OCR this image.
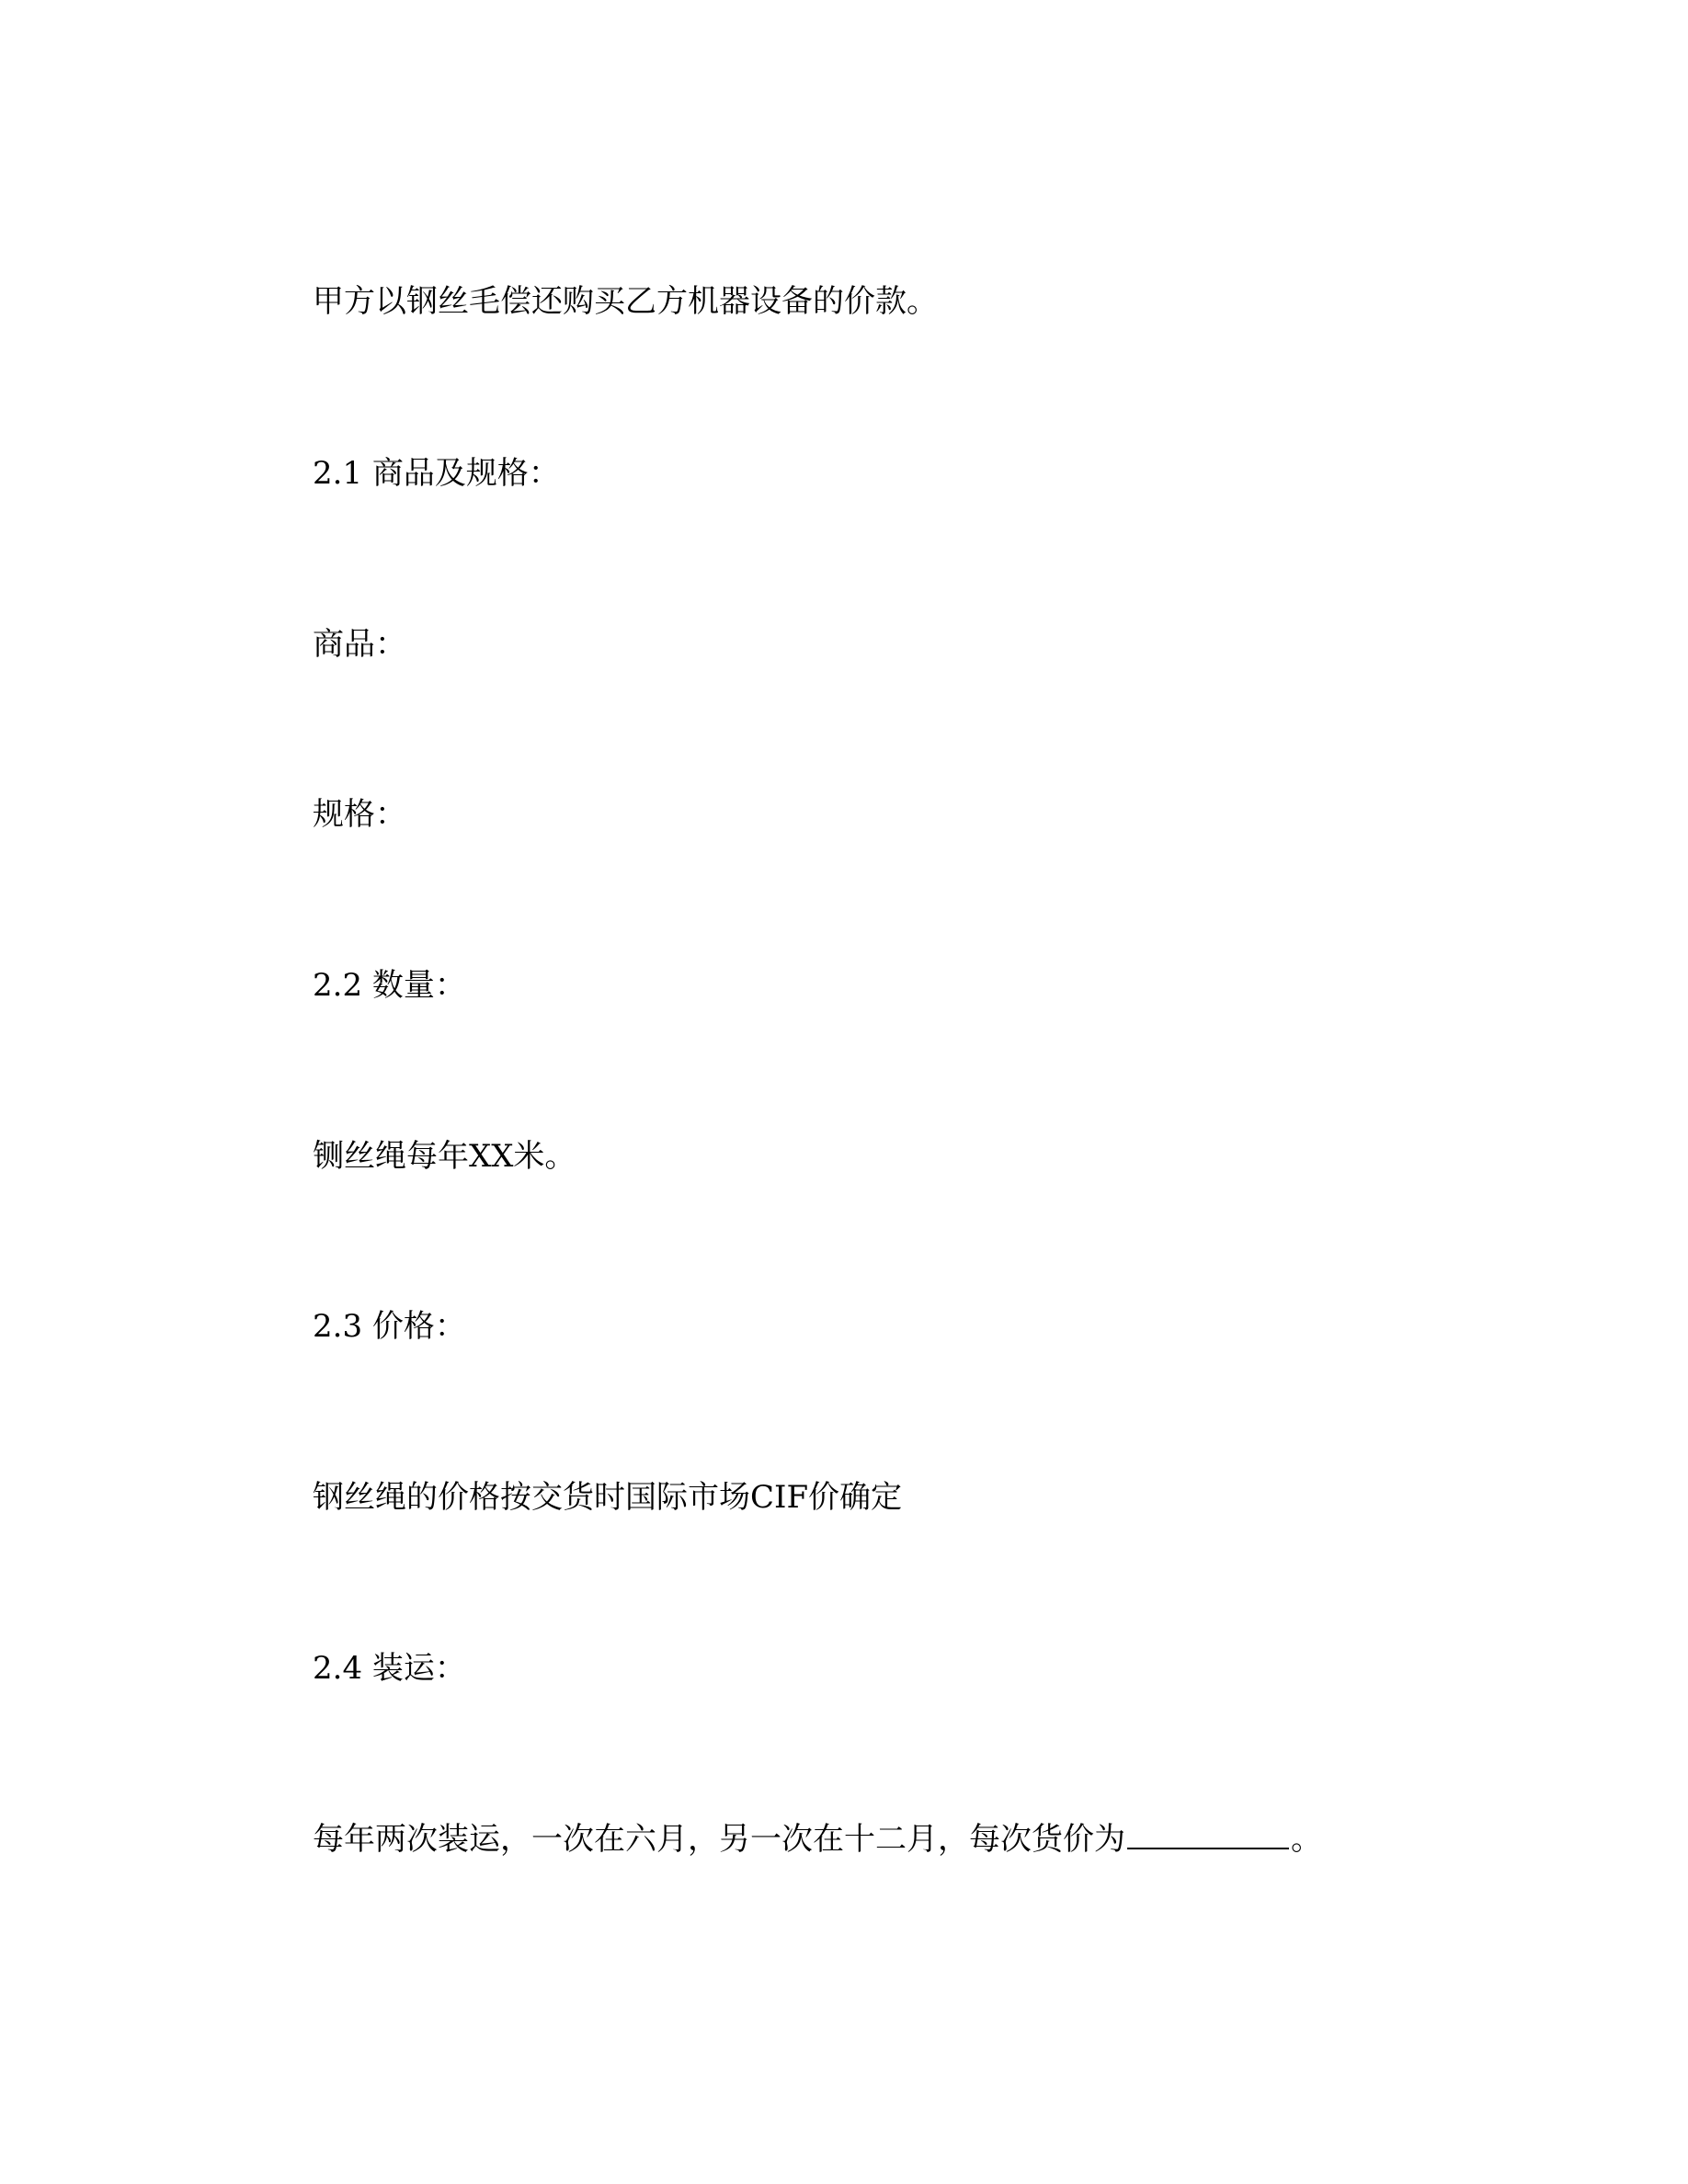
甲方以钢丝毛偿还购买乙方机器设备的价款。
2.1 商品及规格：
商品：
规格：
2.2 数量：
铡丝绳每年XX米。
2.3 价格：
钢丝绳的价格按交货时国际市场CIF价确定
2.4 装运：
每年两次装运，一次在六月，另一次在十二月，每次货价为	。
